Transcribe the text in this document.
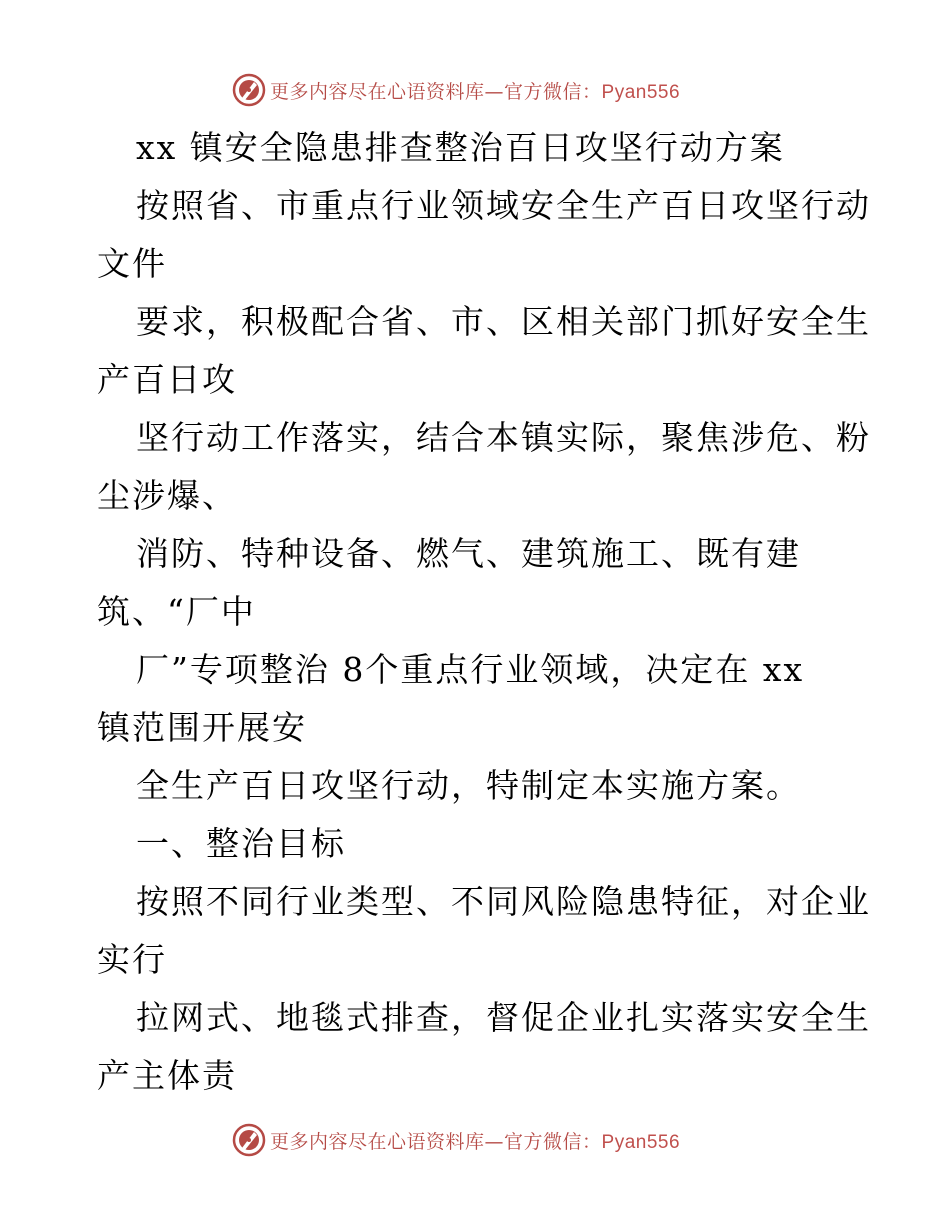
更多内容尽在心语资料库—官方微信：Pyan556
xx 镇安全隐患排查整治百日攻坚行动方案
按照省、市重点行业领域安全生产百日攻坚行动
文件
要求，积极配合省、市、区相关部门抓好安全生
产百日攻
坚行动工作落实，结合本镇实际，聚焦涉危、粉
尘涉爆、
消防、特种设备、燃气、建筑施工、既有建
筑、“厂中
厂”专项整治 8个重点行业领域，决定在 xx
镇范围开展安
全生产百日攻坚行动，特制定本实施方案。
一、整治目标
按照不同行业类型、不同风险隐患特征，对企业
实行
拉网式、地毯式排查，督促企业扎实落实安全生
产主体责
更多内容尽在心语资料库—官方微信：Pyan556
